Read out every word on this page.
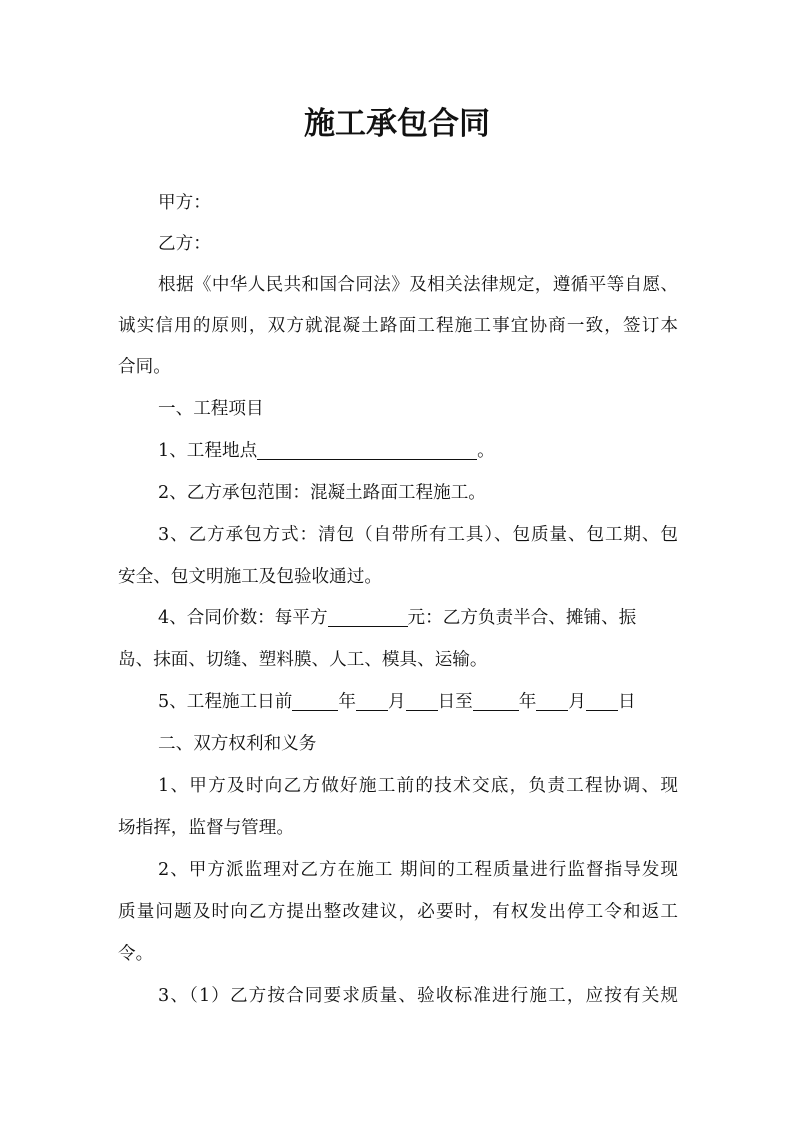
施工承包合同
甲方：
乙方：
根据《中华人民共和国合同法》及相关法律规定，遵循平等自愿、
诚实信用的原则，双方就混凝土路面工程施工事宜协商一致，签订本
合同。
一、工程项目
1、工程地点	。
2、乙方承包范围：混凝土路面工程施工。
3、乙方承包方式：清包（自带所有工具）、包质量、包工期、包
安全、包文明施工及包验收通过。
4、合同价数：每平方	元：乙方负责半合、摊铺、振
岛、抹面、切缝、塑料膜、人工、模具、运输。
5、工程施工日前	年 月 日至	年 月 日
二、双方权利和义务
1、甲方及时向乙方做好施工前的技术交底，负责工程协调、现
场指挥，监督与管理。
2、甲方派监理对乙方在施工 期间的工程质量进行监督指导发现
质量问题及时向乙方提出整改建议，必要时，有权发出停工令和返工
令。
3、（1）乙方按合同要求质量、验收标准进行施工，应按有关规
